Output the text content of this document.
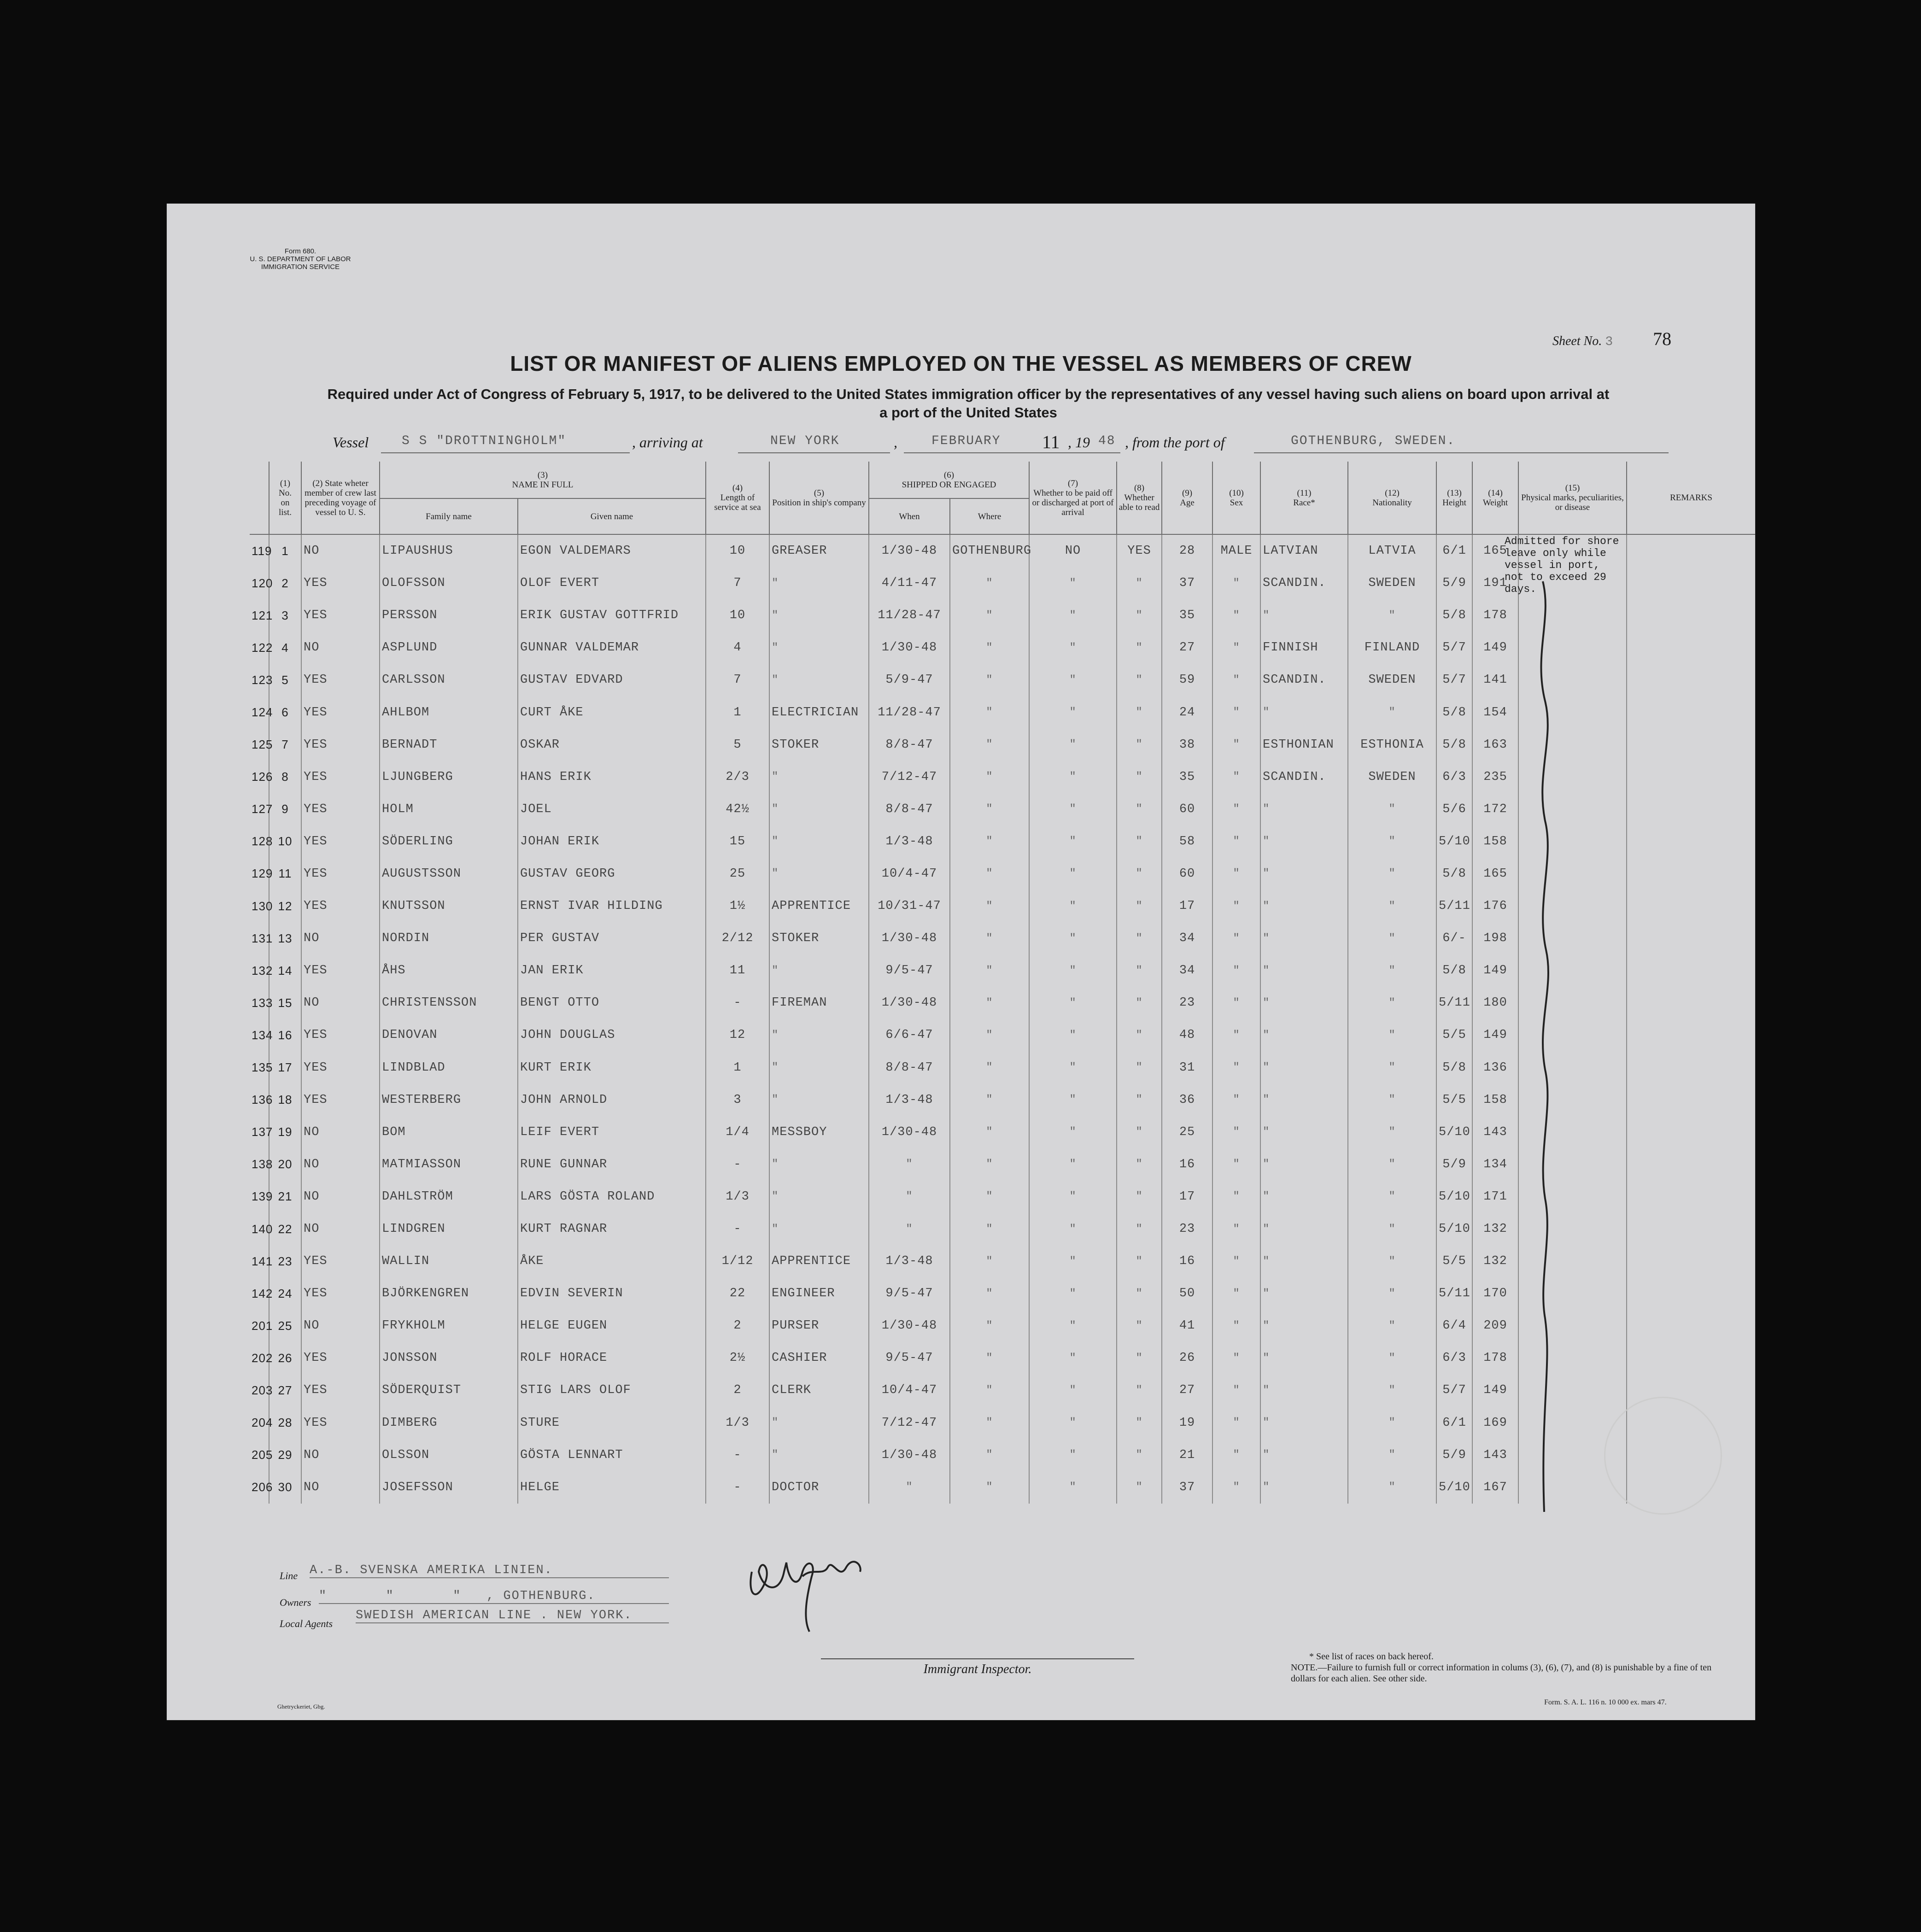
Form 680.
U. S. DEPARTMENT OF LABOR
IMMIGRATION SERVICE
Sheet No. 3 78
LIST OR MANIFEST OF ALIENS EMPLOYED ON THE VESSEL AS MEMBERS OF CREW
Required under Act of Congress of February 5, 1917, to be delivered to the United States immigration officer by the representatives of any vessel having such aliens on board upon arrival at a port of the United States
Vessel	S S "DROTTNINGHOLM"	, arriving at	NEW YORK	,	FEBRUARY 11 , 19 48 , from the port of	GOTHENBURG, SWEDEN.

	(1)
No.
on
list.	(2) State wheter member of crew last preceding voyage of vessel to U. S.	(3)
NAME IN FULL		(4)
Length of service at sea	(5)
Position in ship's company	(6)
SHIPPED OR ENGAGED		(7)
Whether to be paid off or discharged at port of arrival	(8)
Whether able to read	(9)
Age	(10)
Sex	(11)
Race*	(12)
Nationality	(13)
Height	(14)
Weight	(15)
Physical marks, peculiarities, or disease	REMARKS

			Family name	Given name			When	Where										
119	1	NO	LIPAUSHUS	EGON VALDEMARS	10	GREASER	1/30-48	GOTHENBURG	NO	YES	28	MALE	LATVIAN	LATVIA	6/1	165		
120	2	YES	OLOFSSON	OLOF EVERT	7	"	4/11-47	"	"	"	37	"	SCANDIN.	SWEDEN	5/9	191		
121	3	YES	PERSSON	ERIK GUSTAV GOTTFRID	10	"	11/28-47	"	"	"	35	"	"	"	5/8	178		
122	4	NO	ASPLUND	GUNNAR VALDEMAR	4	"	1/30-48	"	"	"	27	"	FINNISH	FINLAND	5/7	149		
123	5	YES	CARLSSON	GUSTAV EDVARD	7	"	5/9-47	"	"	"	59	"	SCANDIN.	SWEDEN	5/7	141		
124	6	YES	AHLBOM	CURT ÅKE	1	ELECTRICIAN	11/28-47	"	"	"	24	"	"	"	5/8	154		
125	7	YES	BERNADT	OSKAR	5	STOKER	8/8-47	"	"	"	38	"	ESTHONIAN	ESTHONIA	5/8	163		
126	8	YES	LJUNGBERG	HANS ERIK	2/3	"	7/12-47	"	"	"	35	"	SCANDIN.	SWEDEN	6/3	235		
127	9	YES	HOLM	JOEL	42½	"	8/8-47	"	"	"	60	"	"	"	5/6	172		
128	10	YES	SÖDERLING	JOHAN ERIK	15	"	1/3-48	"	"	"	58	"	"	"	5/10	158		
129	11	YES	AUGUSTSSON	GUSTAV GEORG	25	"	10/4-47	"	"	"	60	"	"	"	5/8	165		
130	12	YES	KNUTSSON	ERNST IVAR HILDING	1½	APPRENTICE	10/31-47	"	"	"	17	"	"	"	5/11	176		
131	13	NO	NORDIN	PER GUSTAV	2/12	STOKER	1/30-48	"	"	"	34	"	"	"	6/-	198		
132	14	YES	ÅHS	JAN ERIK	11	"	9/5-47	"	"	"	34	"	"	"	5/8	149		
133	15	NO	CHRISTENSSON	BENGT OTTO	-	FIREMAN	1/30-48	"	"	"	23	"	"	"	5/11	180		
134	16	YES	DENOVAN	JOHN DOUGLAS	12	"	6/6-47	"	"	"	48	"	"	"	5/5	149		
135	17	YES	LINDBLAD	KURT ERIK	1	"	8/8-47	"	"	"	31	"	"	"	5/8	136		
136	18	YES	WESTERBERG	JOHN ARNOLD	3	"	1/3-48	"	"	"	36	"	"	"	5/5	158		
137	19	NO	BOM	LEIF EVERT	1/4	MESSBOY	1/30-48	"	"	"	25	"	"	"	5/10	143		
138	20	NO	MATMIASSON	RUNE GUNNAR	-	"	"	"	"	"	16	"	"	"	5/9	134		
139	21	NO	DAHLSTRÖM	LARS GÖSTA ROLAND	1/3	"	"	"	"	"	17	"	"	"	5/10	171		
140	22	NO	LINDGREN	KURT RAGNAR	-	"	"	"	"	"	23	"	"	"	5/10	132		
141	23	YES	WALLIN	ÅKE	1/12	APPRENTICE	1/3-48	"	"	"	16	"	"	"	5/5	132		
142	24	YES	BJÖRKENGREN	EDVIN SEVERIN	22	ENGINEER	9/5-47	"	"	"	50	"	"	"	5/11	170		
201	25	NO	FRYKHOLM	HELGE EUGEN	2	PURSER	1/30-48	"	"	"	41	"	"	"	6/4	209		
202	26	YES	JONSSON	ROLF HORACE	2½	CASHIER	9/5-47	"	"	"	26	"	"	"	6/3	178		
203	27	YES	SÖDERQUIST	STIG LARS OLOF	2	CLERK	10/4-47	"	"	"	27	"	"	"	5/7	149		
204	28	YES	DIMBERG	STURE	1/3	"	7/12-47	"	"	"	19	"	"	"	6/1	169		
205	29	NO	OLSSON	GÖSTA LENNART	-	"	1/30-48	"	"	"	21	"	"	"	5/9	143		
206	30	NO	JOSEFSSON	HELGE	-	DOCTOR	"	"	"	"	37	"	"	"	5/10	167		
Admitted for shore leave only while vessel in port, not to exceed 29 days.
Line A.-B. SVENSKA AMERIKA LINIEN.
Owners "       "       "   , GOTHENBURG.
Local Agents
SWEDISH AMERICAN LINE . NEW YORK.
Immigrant Inspector.
* See list of races on back hereof.
NOTE.—Failure to furnish full or correct information in colums (3), (6), (7), and (8) is punishable by a fine of ten dollars for each alien. See other side.
Ghetryckeriet, Gbg.
Form. S. A. L. 116 n. 10 000 ex. mars 47.
